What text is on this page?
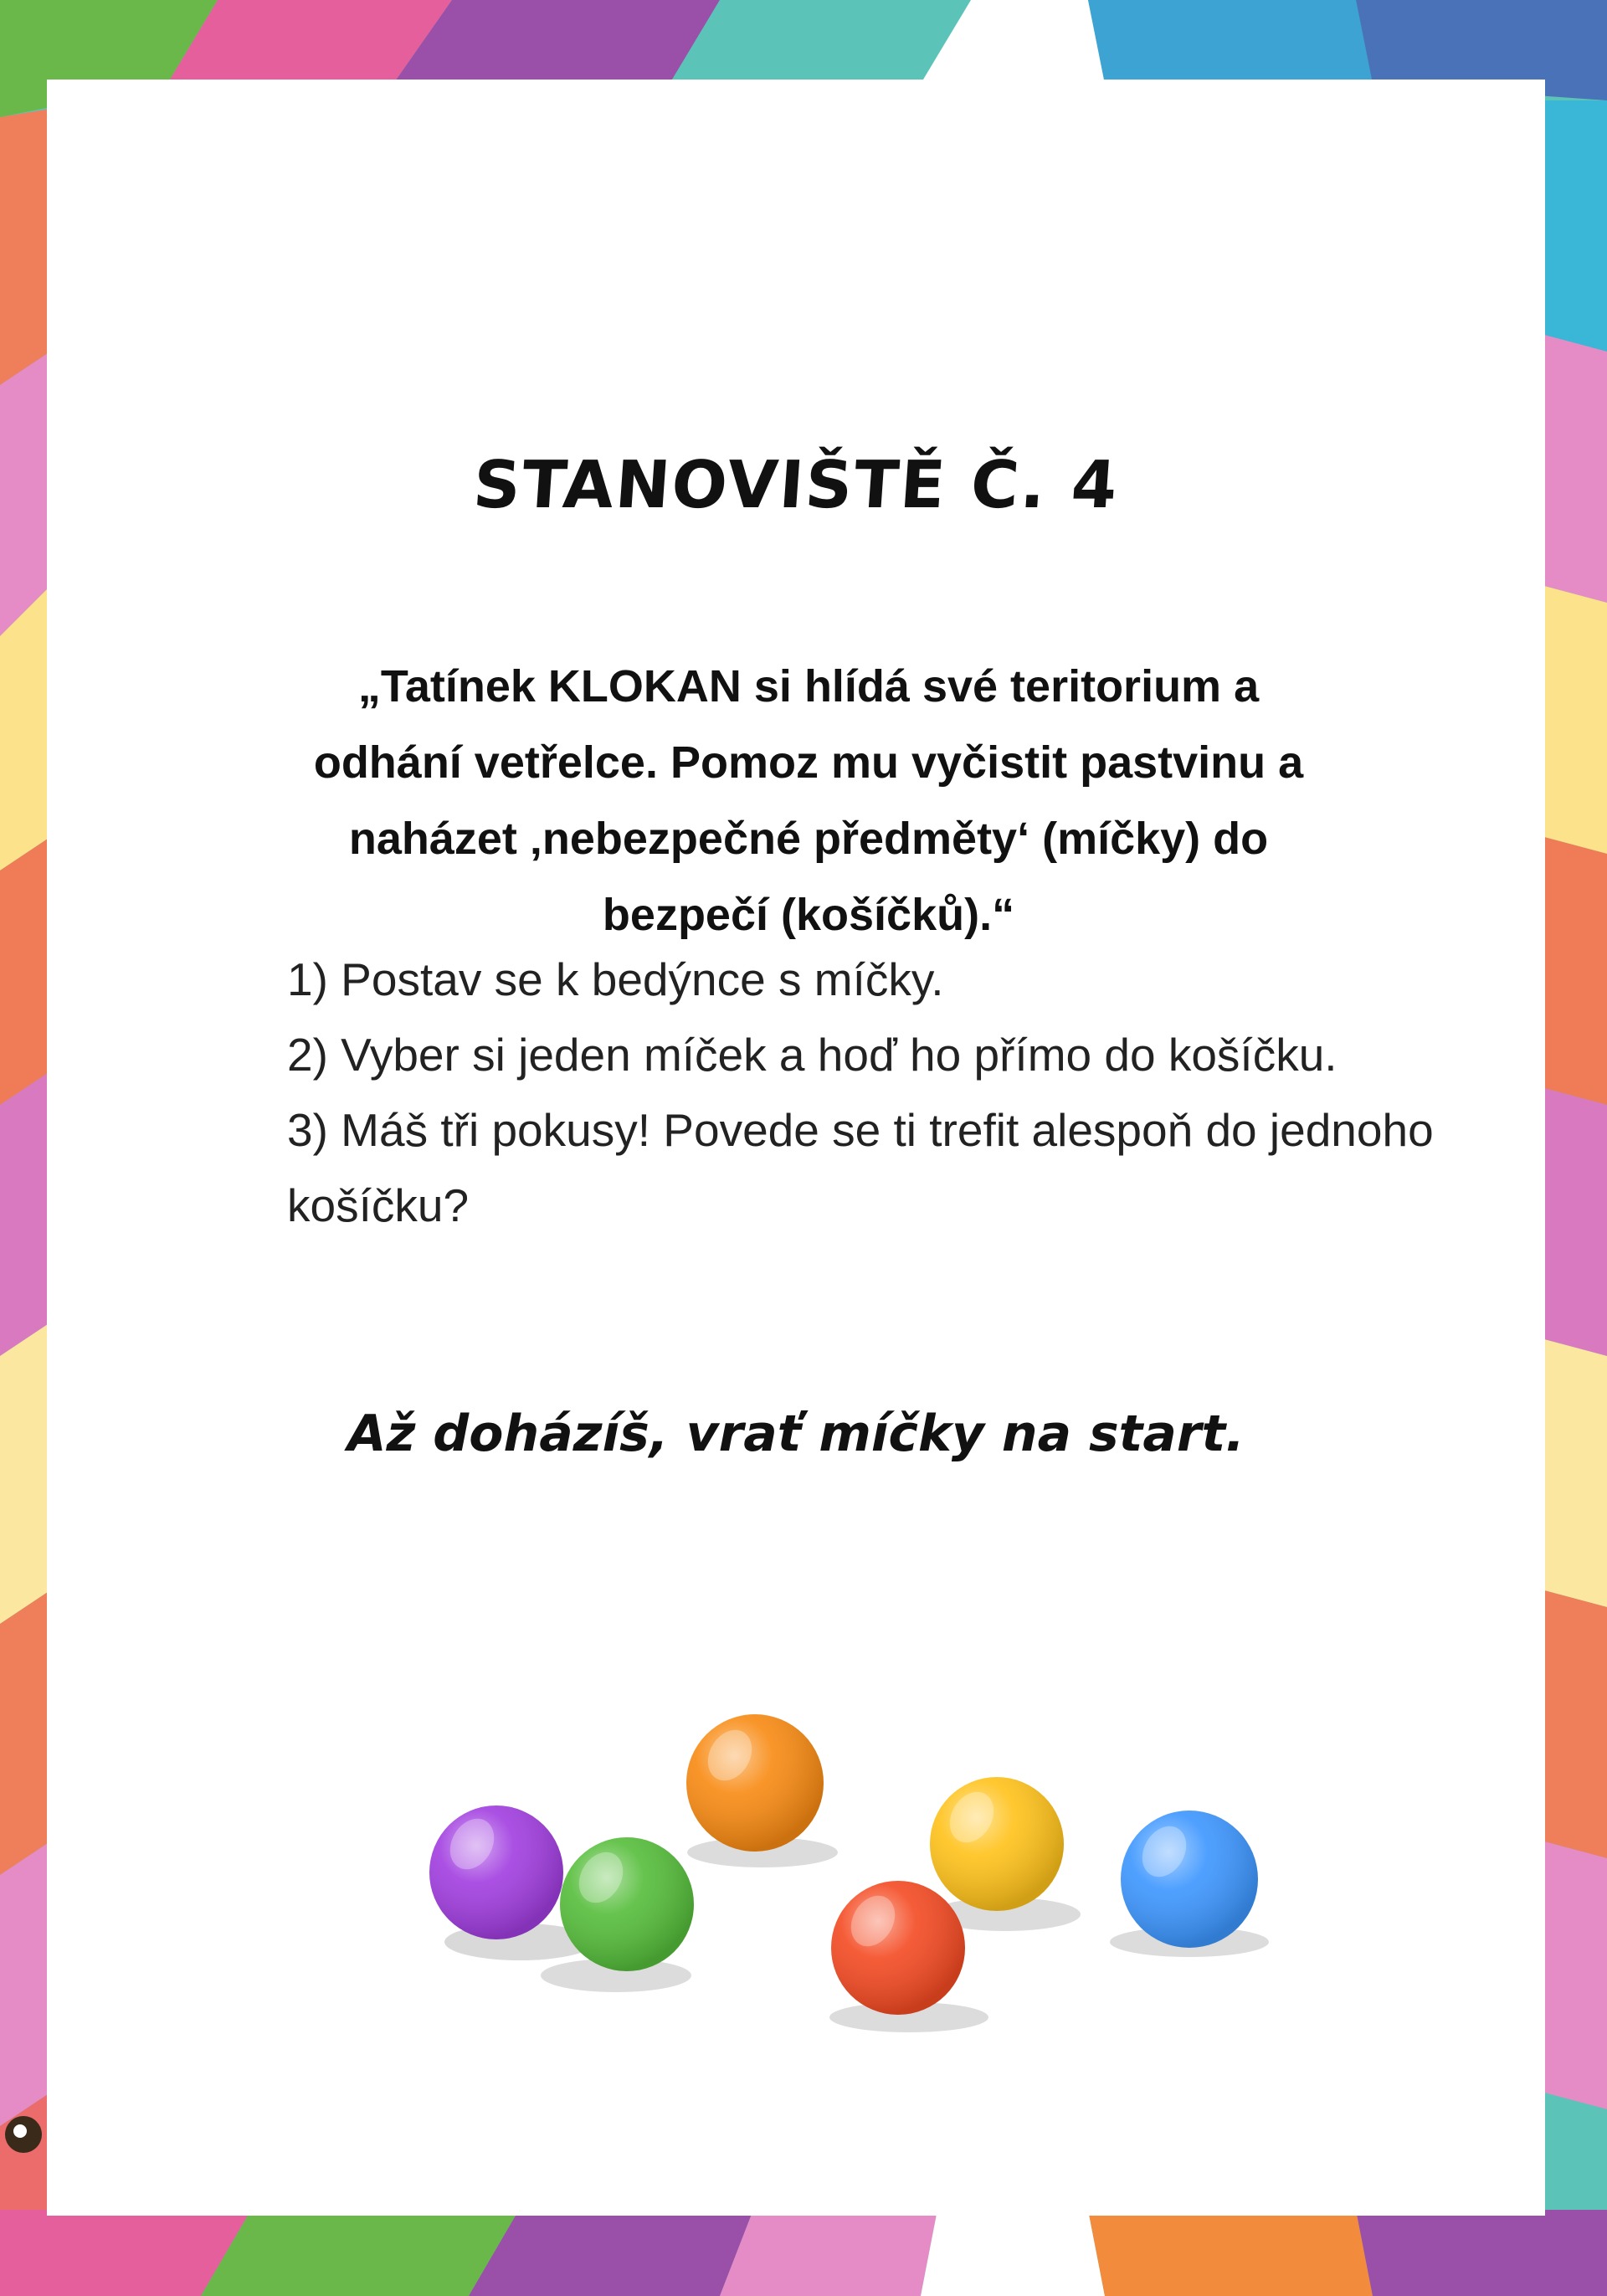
STANOVIŠTĚ Č. 4
„Tatínek KLOKAN si hlídá své teritorium a odhání vetřelce. Pomoz mu vyčistit pastvinu a naházet ‚nebezpečné předměty‘ (míčky) do bezpečí (košíčků).“

1) Postav se k bedýnce s míčky.

2) Vyber si jeden míček a hoď ho přímo do košíčku.

3) Máš tři pokusy! Povede se ti trefit alespoň do jednoho košíčku?

Až doházíš, vrať míčky na start.
